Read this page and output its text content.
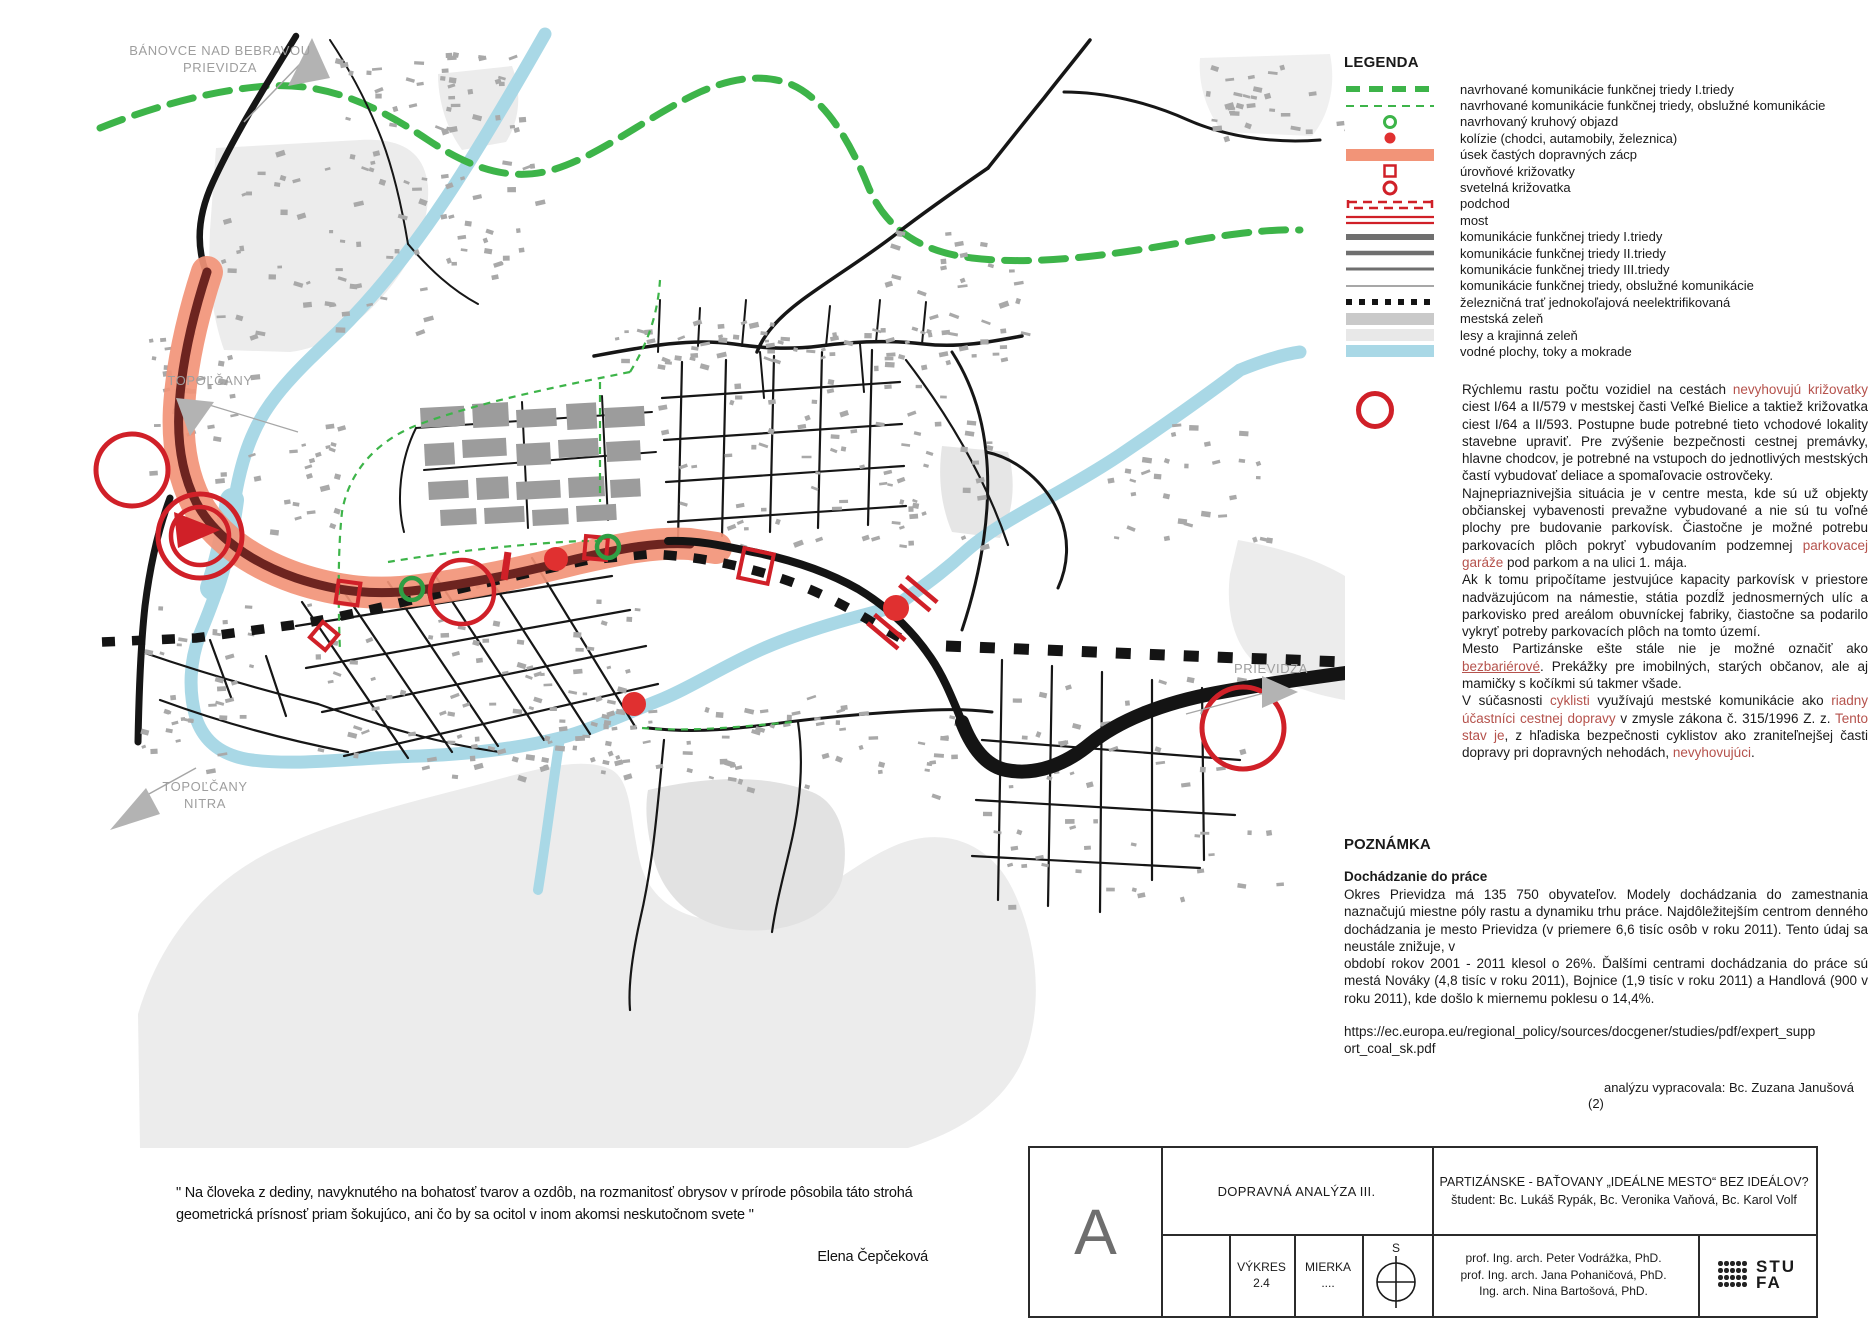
BÁNOVCE NAD BEBRAVOU
PRIEVIDZA
TOPOĽČANY
TOPOĽČANY
NITRA
PRIEVIDZA
LEGENDA
navrhované komunikácie funkčnej triedy I.triedy
navrhované komunikácie funkčnej triedy, obslužné komunikácie
navrhovaný kruhový objazd
kolízie (chodci, autamobily, železnica)
úsek častých dopravných zácp
úrovňové križovatky
svetelná križovatka
podchod
most
komunikácie funkčnej triedy I.triedy
komunikácie funkčnej triedy II.triedy
komunikácie funkčnej triedy III.triedy
komunikácie funkčnej triedy, obslužné komunikácie
železničná trať jednokoľajová neelektrifikovaná
mestská zeleň
lesy a krajinná zeleň
vodné plochy, toky a mokrade

Rýchlemu rastu počtu vozidiel na cestách nevyhovujú križovatky ciest I/64 a II/579 v mestskej časti Veľké Bielice a taktiež križovatka ciest I/64 a II/593. Postupne bude potrebné tieto vchodové lokality stavebne upraviť. Pre zvýšenie bezpečnosti cestnej premávky, hlavne chodcov, je potrebné na vstupoch do jednotlivých mestských častí vybudovať deliace a spomaľovacie ostrovčeky.

Najnepriaznivejšia situácia je v centre mesta, kde sú už objekty občianskej vybavenosti prevažne vybudované a nie sú tu voľné plochy pre budovanie parkovísk. Čiastočne je možné potrebu parkovacích plôch pokryť vybudovaním podzemnej parkovacej garáže pod parkom a na ulici 1. mája.

Ak k tomu pripočítame jestvujúce kapacity parkovísk v priestore nadväzujúcom na námestie, státia pozdĺž jednosmerných ulíc a parkovisko pred areálom obuvníckej fabriky, čiastočne sa podarilo vykryť potreby parkovacích plôch na tomto území.

Mesto Partizánske ešte stále nie je možné označiť ako bezbariérové. Prekážky pre imobilných, starých občanov, ale aj mamičky s kočíkmi sú takmer všade.

V súčasnosti cyklisti využívajú mestské komunikácie ako riadny účastníci cestnej dopravy v zmysle zákona č. 315/1996 Z. z. Tento stav je, z hľadiska bezpečnosti cyklistov ako zraniteľnejšej časti dopravy pri dopravných nehodách, nevyhovujúci.

POZNÁMKA
Dochádzanie do práce

Okres Prievidza má 135 750 obyvateľov. Modely dochádzania do zamestnania naznačujú miestne póly rastu a dynamiku trhu práce. Najdôležitejším centrom denného dochádzania je mesto Prievidza (v priemere 6,6 tisíc osôb v roku 2011). Tento údaj sa neustále znižuje, v

období rokov 2001 - 2011 klesol o 26%. Ďalšími centrami dochádzania do práce sú mestá Nováky (4,8 tisíc v roku 2011), Bojnice (1,9 tisíc v roku 2011) a Handlová (900 v roku 2011), kde došlo k miernemu poklesu o 14,4%.

https://ec.europa.eu/regional_policy/sources/docgener/studies/pdf/expert_supp
ort_coal_sk.pdf
analýzu vypracovala: Bc. Zuzana Janušová
(2)
" Na človeka z dediny, navyknutého na bohatosť tvarov a ozdôb, na rozmanitosť obrysov v prírode pôsobila táto strohá geometrická prísnosť priam šokujúco, ani čo by sa ocitol v inom akomsi neskutočnom svete "
Elena Čepčeková	A
DOPRAVNÁ ANALÝZA III.
PARTIZÁNSKE - BAŤOVANY „IDEÁLNE MESTO“ BEZ IDEÁLOV?
študent: Bc. Lukáš Rypák, Bc. Veronika Vaňová, Bc. Karol Volf
VÝKRES
2.4
MIERKA
....
S
prof. Ing. arch. Peter Vodrážka, PhD.
prof. Ing. arch. Jana Pohaničová, PhD.
Ing. arch. Nina Bartošová, PhD.
STU
FA
